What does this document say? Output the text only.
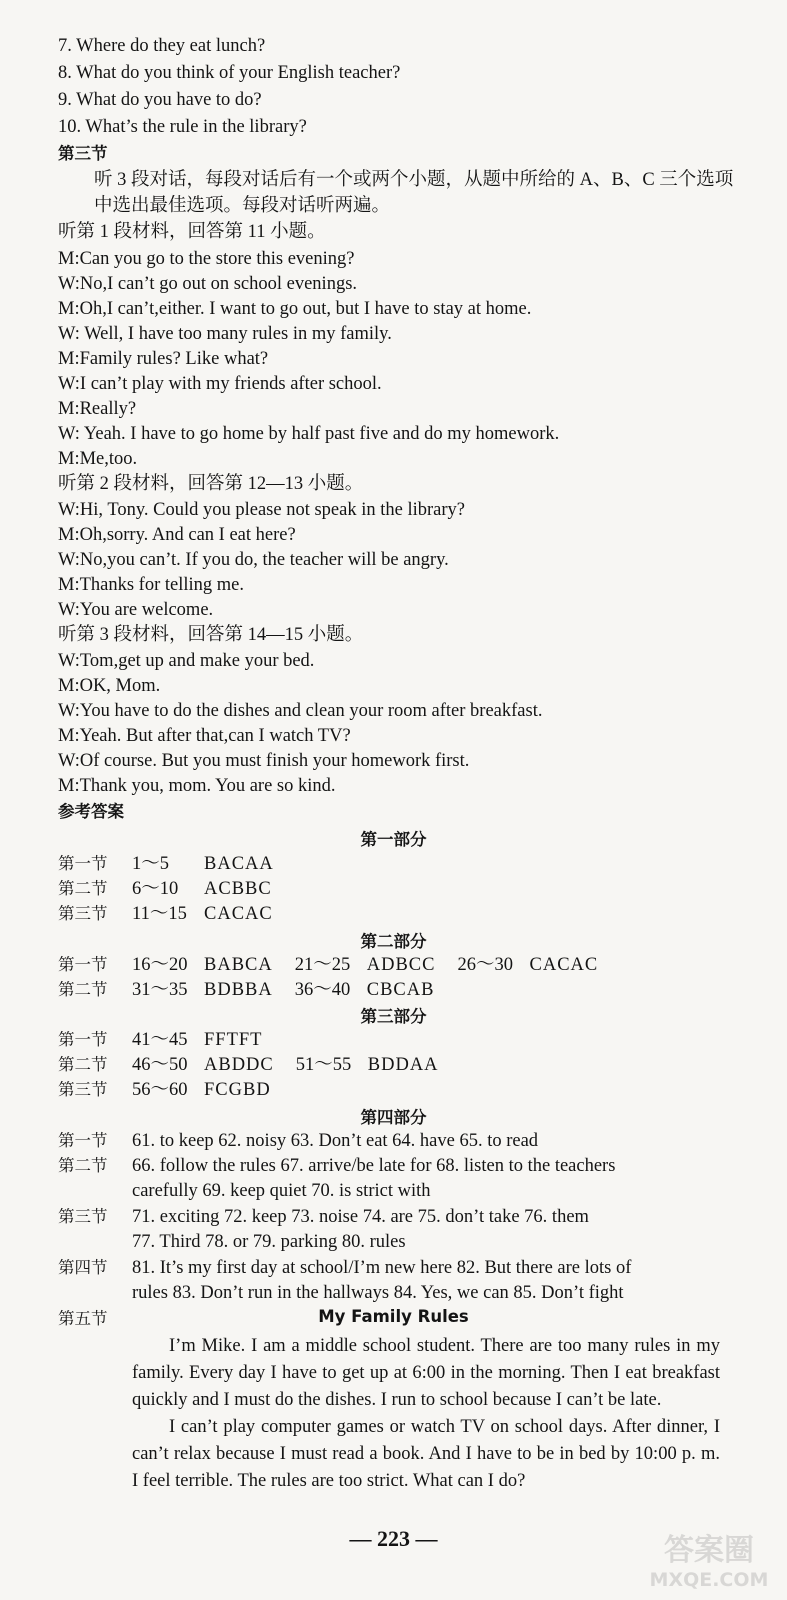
7. Where do they eat lunch?
8. What do you think of your English teacher?
9. What do you have to do?
10. What’s the rule in the library?
第三节
听 3 段对话，每段对话后有一个或两个小题，从题中所给的 A、B、C 三个选项
中选出最佳选项。每段对话听两遍。
听第 1 段材料，回答第 11 小题。
M:Can you go to the store this evening?
W:No,I can’t go out on school evenings.
M:Oh,I can’t,either. I want to go out, but I have to stay at home.
W: Well, I have too many rules in my family.
M:Family rules? Like what?
W:I can’t play with my friends after school.
M:Really?
W: Yeah. I have to go home by half past five and do my homework.
M:Me,too.
听第 2 段材料，回答第 12—13 小题。
W:Hi, Tony. Could you please not speak in the library?
M:Oh,sorry. And can I eat here?
W:No,you can’t. If you do, the teacher will be angry.
M:Thanks for telling me.
W:You are welcome.
听第 3 段材料，回答第 14—15 小题。
W:Tom,get up and make your bed.
M:OK, Mom.
W:You have to do the dishes and clean your room after breakfast.
M:Yeah. But after that,can I watch TV?
W:Of course. But you must finish your homework first.
M:Thank you, mom. You are so kind.
参考答案
第一部分
第一节 1～5 BACAA
第二节 6～10 ACBBC
第三节 11～15 CACAC
第二部分
第一节 16～20 BABCA 21～25 ADBCC 26～30 CACAC
第二节 31～35 BDBBA 36～40 CBCAB
第三部分
第一节 41～45 FFTFT
第二节 46～50 ABDDC 51～55 BDDAA
第三节 56～60 FCGBD
第四部分
第一节 61. to keep 62. noisy 63. Don’t eat 64. have 65. to read
第二节 66. follow the rules 67. arrive/be late for 68. listen to the teachers
carefully 69. keep quiet 70. is strict with
第三节 71. exciting 72. keep 73. noise 74. are 75. don’t take 76. them
77. Third 78. or 79. parking 80. rules
第四节 81. It’s my first day at school/I’m new here 82. But there are lots of
rules 83. Don’t run in the hallways 84. Yes, we can 85. Don’t fight
第五节	My Family Rules

I’m Mike. I am a middle school student. There are too many rules in my family. Every day I have to get up at 6:00 in the morning. Then I eat breakfast quickly and I must do the dishes. I run to school because I can’t be late.

I can’t play computer games or watch TV on school days. After dinner, I can’t relax because I must read a book. And I have to be in bed by 10:00 p. m. I feel terrible. The rules are too strict. What can I do?

— 223 —	答案圈
MXQE.COM
